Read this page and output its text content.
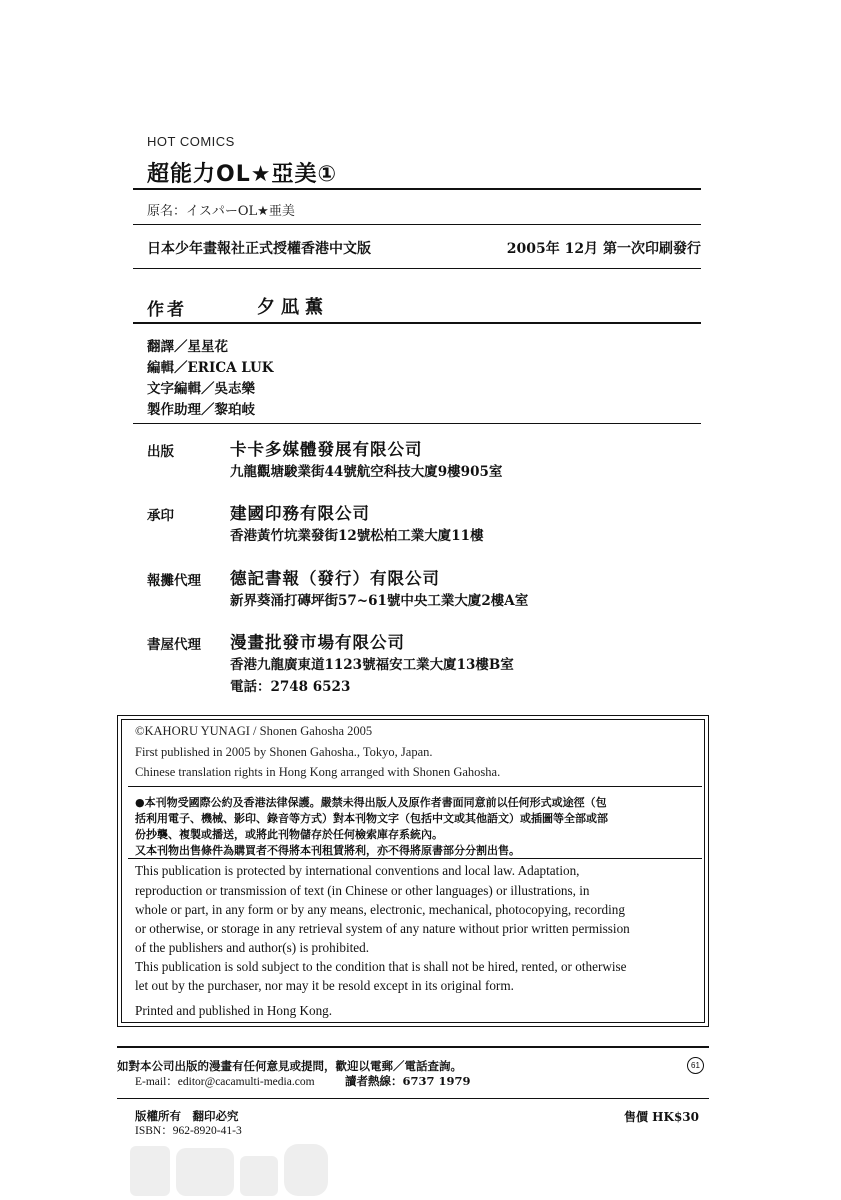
HOT COMICS
超能力OL★亞美①
原名：イスパーOL★亜美
日本少年畫報社正式授權香港中文版	2005年 12月 第一次印刷發行
作者	夕凪薫
翻譯／星星花
編輯／ERICA LUK
文字編輯／吳志樂
製作助理／黎珀岐
出版	卡卡多媒體發展有限公司
九龍觀塘駿業街44號航空科技大廈9樓905室
承印	建國印務有限公司
香港黃竹坑業發街12號松柏工業大廈11樓
報攤代理 德記書報（發行）有限公司
新界葵涌打磚坪街57~61號中央工業大廈2樓A室
書屋代理 漫畫批發市場有限公司
香港九龍廣東道1123號福安工業大廈13樓B室
電話：2748 6523
©KAHORU YUNAGI / Shonen Gahosha 2005
First published in 2005 by Shonen Gahosha., Tokyo, Japan.
Chinese translation rights in Hong Kong arranged with Shonen Gahosha.
●本刊物受國際公約及香港法律保護。嚴禁未得出版人及原作者書面同意前以任何形式或途徑（包
括利用電子、機械、影印、錄音等方式）對本刊物文字（包括中文或其他語文）或插圖等全部或部
份抄襲、複製或播送，或將此刊物儲存於任何檢索庫存系統內。
又本刊物出售條件為購買者不得將本刊租賃將利，亦不得將原書部分分割出售。
This publication is protected by international conventions and local law. Adaptation,
reproduction or transmission of text (in Chinese or other languages) or illustrations, in
whole or part, in any form or by any means, electronic, mechanical, photocopying, recording
or otherwise, or storage in any retrieval system of any nature without prior written permission
of the publishers and author(s) is prohibited.
This publication is sold subject to the condition that is shall not be hired, rented, or otherwise
let out by the purchaser, nor may it be resold except in its original form.
Printed and published in Hong Kong.
如對本公司出版的漫畫有任何意見或提問，歡迎以電郵／電話查詢。	61
E-mail：editor@cacamulti-media.com	讀者熱線：6737 1979
版權所有　翻印必究
ISBN：962-8920-41-3
售價 HK$30
